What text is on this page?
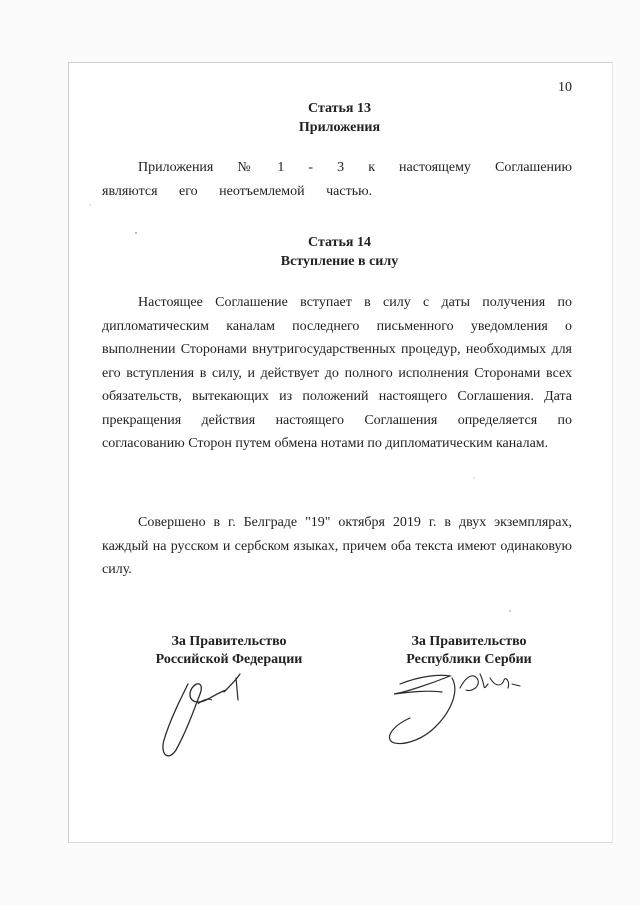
10
Статья 13
Приложения

Приложения № 1 - 3 к настоящему Соглашению являются его неотъемлемой частью.

Статья 14
Вступление в силу

Настоящее Соглашение вступает в силу с даты получения по дипломатическим каналам последнего письменного уведомления о выполнении Сторонами внутригосударственных процедур, необходимых для его вступления в силу, и действует до полного исполнения Сторонами всех обязательств, вытекающих из положений настоящего Соглашения. Дата прекращения действия настоящего Соглашения определяется по согласованию Сторон путем обмена нотами по дипломатическим каналам.

Совершено в г. Белграде "19" октября 2019 г. в двух экземплярах, каждый на русском и сербском языках, причем оба текста имеют одинаковую силу.

За Правительство
Российской Федерации
За Правительство
Республики Сербии
